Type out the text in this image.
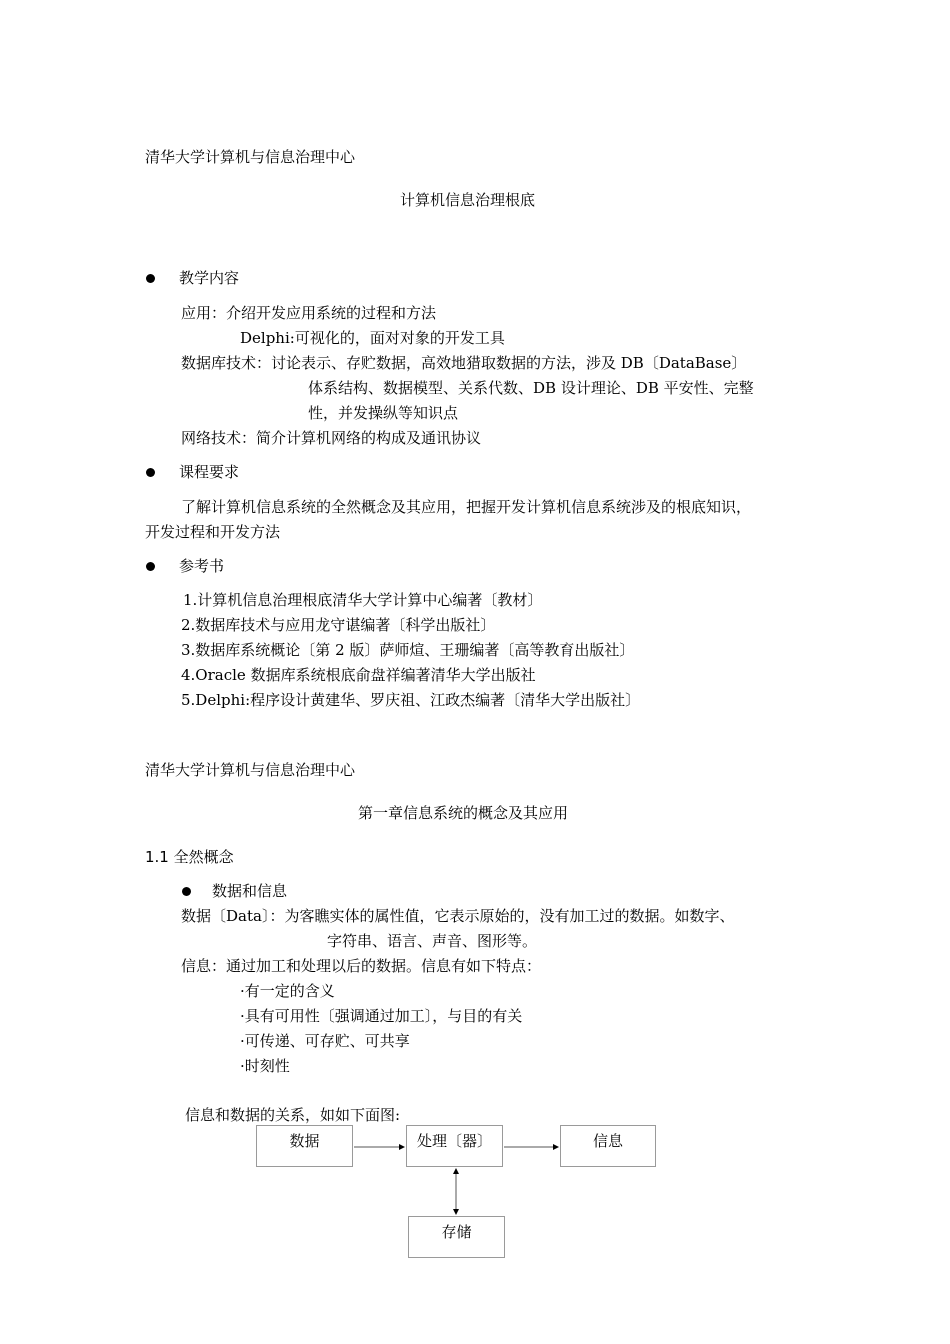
清华大学计算机与信息治理中心
计算机信息治理根底
教学内容
应用：介绍开发应用系统的过程和方法
Delphi:可视化的，面对对象的开发工具
数据库技术：讨论表示、存贮数据，高效地猎取数据的方法，涉及 DB〔DataBase〕
体系结构、数据模型、关系代数、DB 设计理论、DB 平安性、完整
性，并发操纵等知识点
网络技术：简介计算机网络的构成及通讯协议
课程要求
了解计算机信息系统的全然概念及其应用，把握开发计算机信息系统涉及的根底知识，
开发过程和开发方法
参考书
1.计算机信息治理根底清华大学计算中心编著〔教材〕
2.数据库技术与应用龙守谌编著〔科学出版社〕
3.数据库系统概论〔第 2 版〕萨师煊、王珊编著〔高等教育出版社〕
4.Oracle 数据库系统根底俞盘祥编著清华大学出版社
5.Delphi:程序设计黄建华、罗庆祖、江政杰编著〔清华大学出版社〕
清华大学计算机与信息治理中心
第一章信息系统的概念及其应用
1.1 全然概念
数据和信息
数据〔Data〕：为客瞧实体的属性值，它表示原始的，没有加工过的数据。如数字、
字符串、语言、声音、图形等。
信息：通过加工和处理以后的数据。信息有如下特点：
·有一定的含义
·具有可用性〔强调通过加工〕，与目的有关
·可传递、可存贮、可共享
·时刻性
信息和数据的关系，如如下面图:
数据	处理〔器〕	信息
存储
